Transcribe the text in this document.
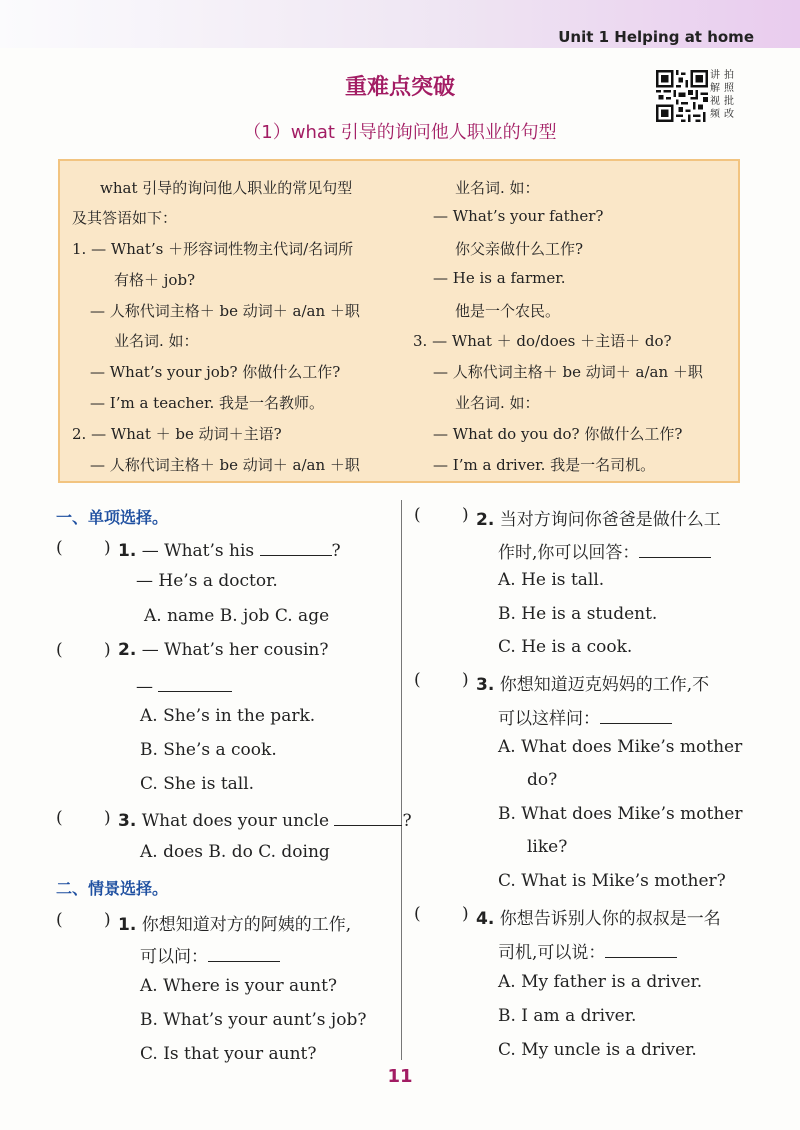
Unit 1 Helping at home
重难点突破
（1）what 引导的询问他人职业的句型
讲 拍
解 照
视 批
频 改
what 引导的询问他人职业的常见句型
及其答语如下：
1. — What’s ＋形容词性物主代词/名词所
有格＋ job?
— 人称代词主格＋ be 动词＋ a/an ＋职
业名词. 如：
— What’s your job? 你做什么工作?
— I’m a teacher. 我是一名教师。
2. — What ＋ be 动词＋主语?
— 人称代词主格＋ be 动词＋ a/an ＋职
业名词. 如：
— What’s your father?
你父亲做什么工作?
— He is a farmer.
他是一个农民。
3. — What ＋ do/does ＋主语＋ do?
— 人称代词主格＋ be 动词＋ a/an ＋职
业名词. 如：
— What do you do? 你做什么工作?
— I’m a driver. 我是一名司机。
一、单项选择。
( ) 1. — What’s his	?
— He’s a doctor.
A. name B. job C. age
( ) 2. — What’s her cousin?
—
A. She’s in the park.
B. She’s a cook.
C. She is tall.
( ) 3. What does your uncle	?
A. does B. do C. doing
二、情景选择。
( ) 1. 你想知道对方的阿姨的工作,
可以问：
A. Where is your aunt?
B. What’s your aunt’s job?
C. Is that your aunt?
( ) 2. 当对方询问你爸爸是做什么工
作时,你可以回答：
A. He is tall.
B. He is a student.
C. He is a cook.
( ) 3. 你想知道迈克妈妈的工作,不
可以这样问：
A. What does Mike’s mother
do?
B. What does Mike’s mother
like?
C. What is Mike’s mother?
( ) 4. 你想告诉别人你的叔叔是一名
司机,可以说：
A. My father is a driver.
B. I am a driver.
C. My uncle is a driver.
11
